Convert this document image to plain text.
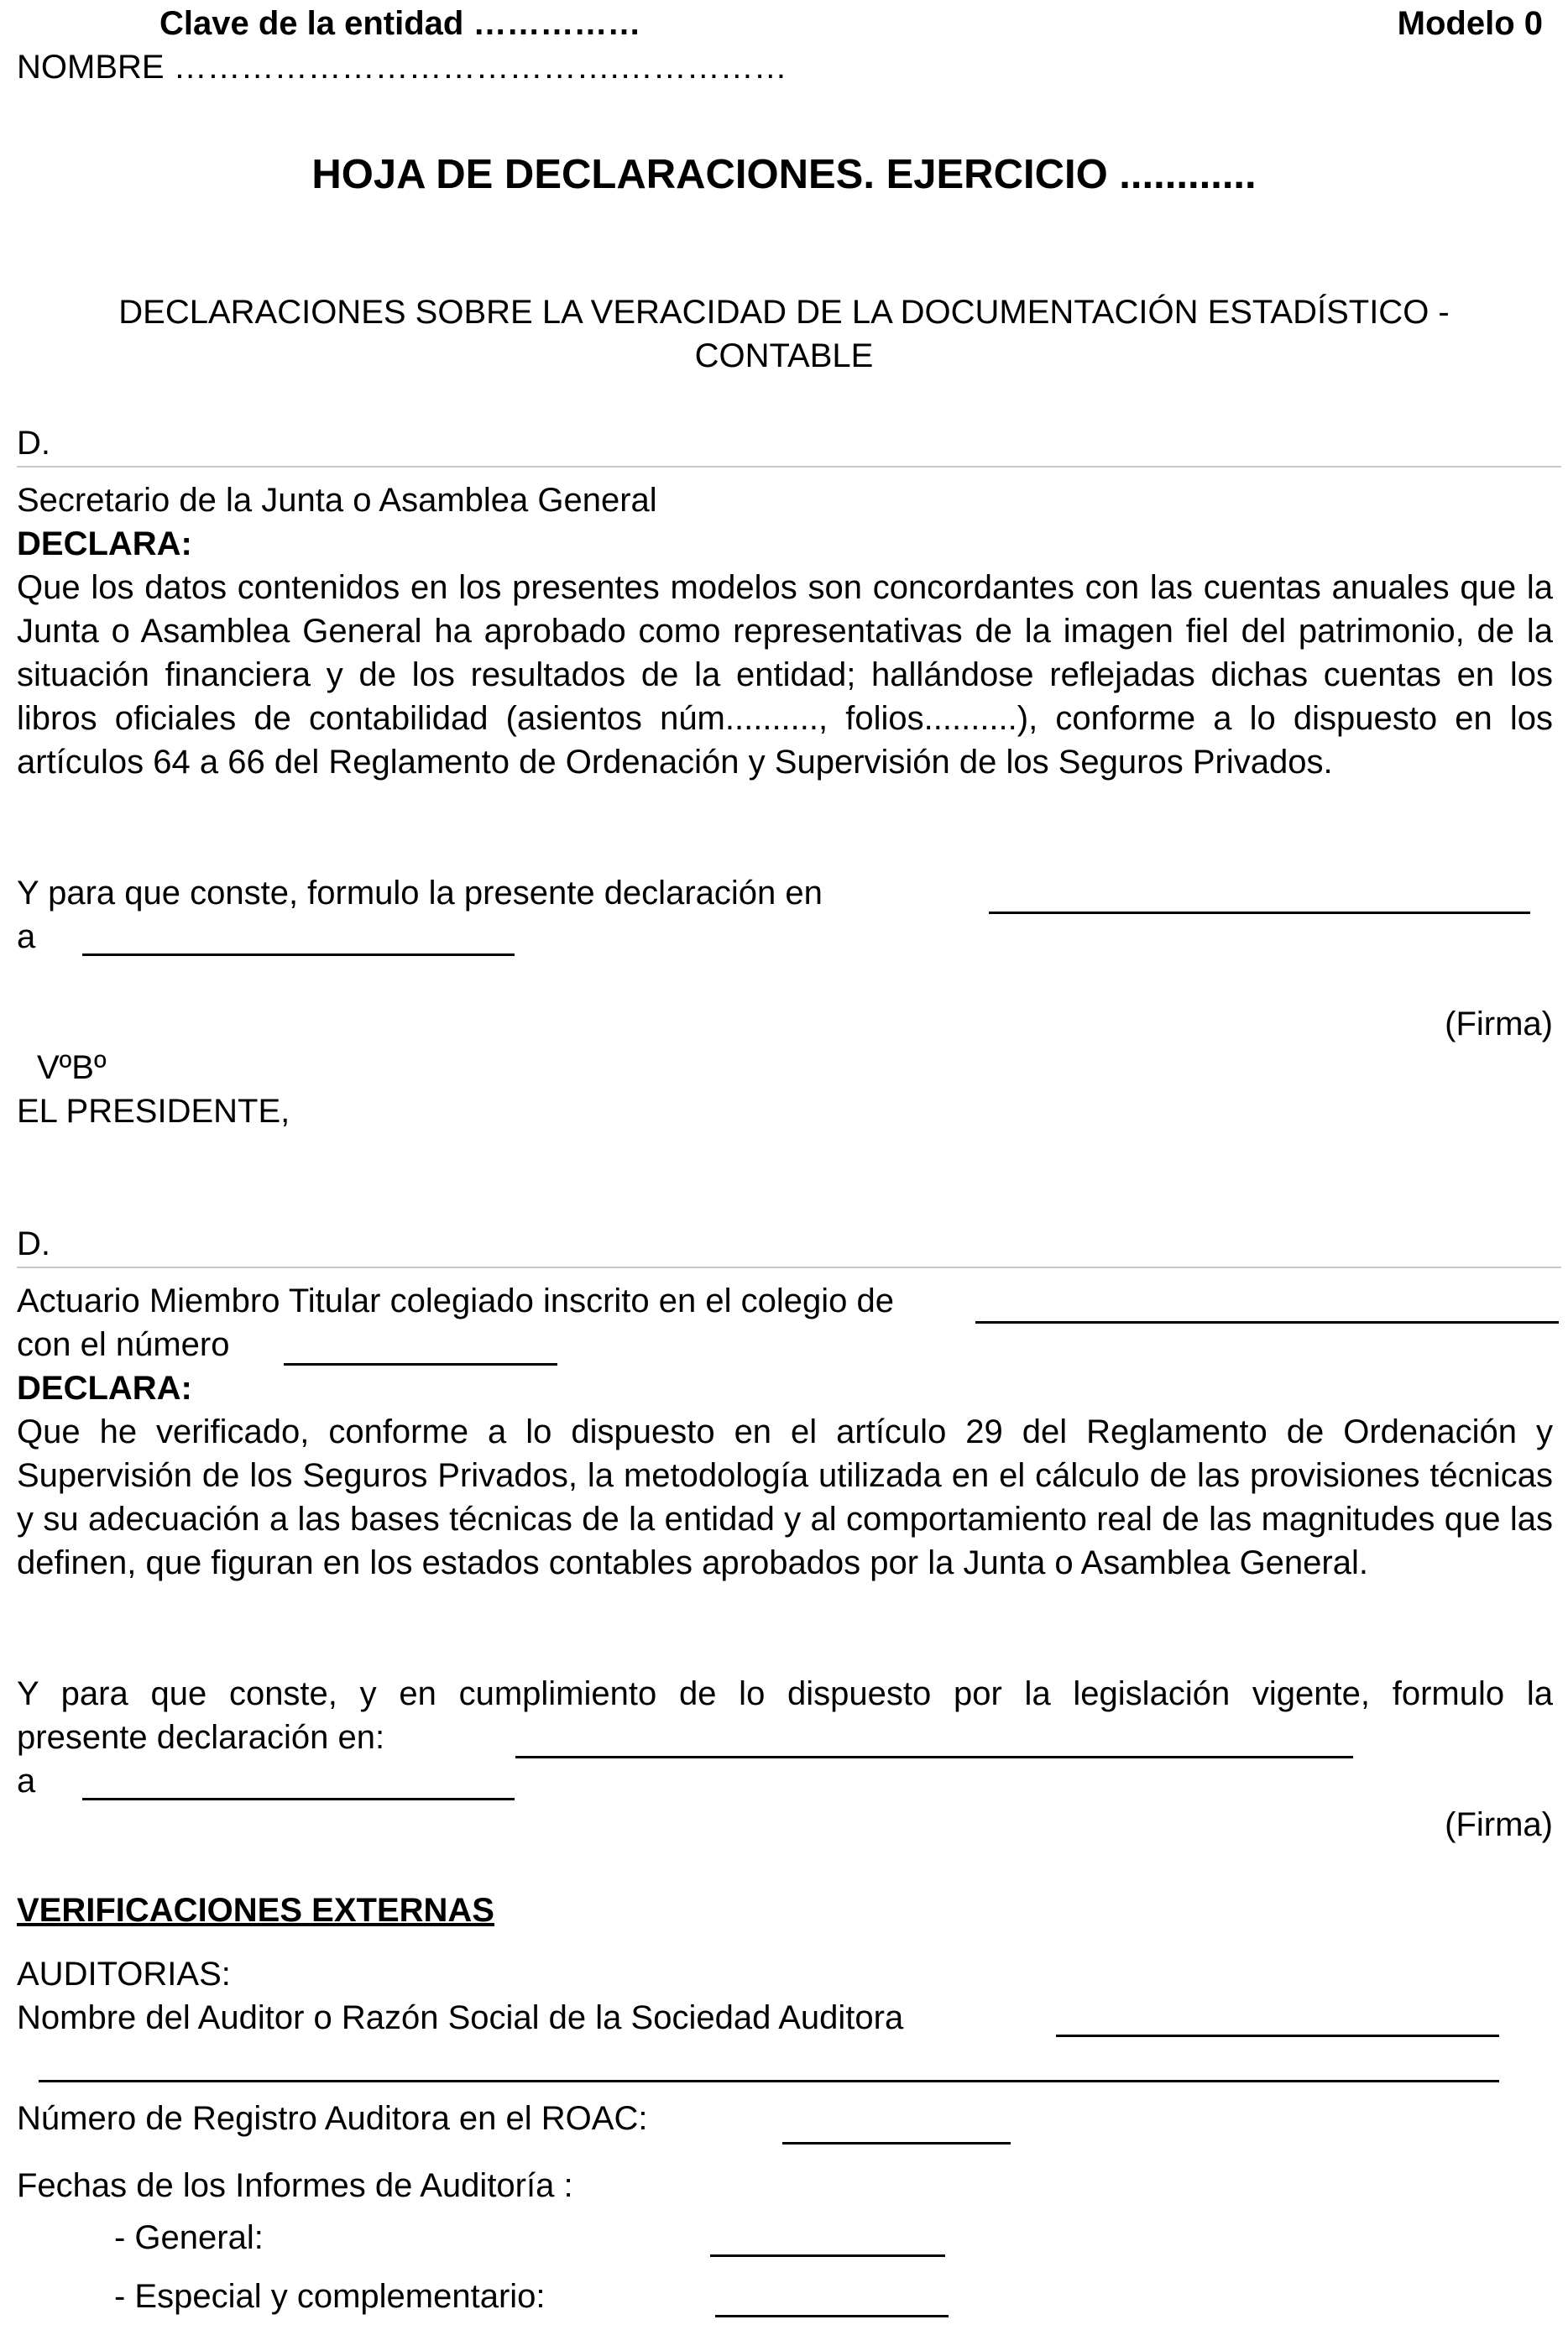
Clave de la entidad ……………	Modelo 0
NOMBRE ………………………………….……………
HOJA DE DECLARACIONES. EJERCICIO ............
DECLARACIONES SOBRE LA VERACIDAD DE LA DOCUMENTACIÓN ESTADÍSTICO -
CONTABLE
D.
Secretario de la Junta o Asamblea General
DECLARA:
Que los datos contenidos en los presentes modelos son concordantes con las cuentas anuales que la Junta o Asamblea General ha aprobado como representativas de la imagen fiel del patrimonio, de la situación financiera y de los resultados de la entidad; hallándose reflejadas dichas cuentas en los libros oficiales de contabilidad (asientos núm.........., folios..........), conforme a lo dispuesto en los artículos 64 a 66 del Reglamento de Ordenación y Supervisión de los Seguros Privados.
Y para que conste, formulo la presente declaración en
a
(Firma)
VºBº
EL PRESIDENTE,
D.
Actuario Miembro Titular colegiado inscrito en el colegio de
con el número
DECLARA:
Que he verificado, conforme a lo dispuesto en el artículo 29 del Reglamento de Ordenación y Supervisión de los Seguros Privados, la metodología utilizada en el cálculo de las provisiones técnicas y su adecuación a las bases técnicas de la entidad y al comportamiento real de las magnitudes que las definen, que figuran en los estados contables aprobados por la Junta o Asamblea General.
Y para que conste, y en cumplimiento de lo dispuesto por la legislación vigente, formulo la
presente declaración en:
a
(Firma)
VERIFICACIONES EXTERNAS
AUDITORIAS:
Nombre del Auditor o Razón Social de la Sociedad Auditora
Número de Registro Auditora en el ROAC:
Fechas de los Informes de Auditoría :
- General:
- Especial y complementario:
